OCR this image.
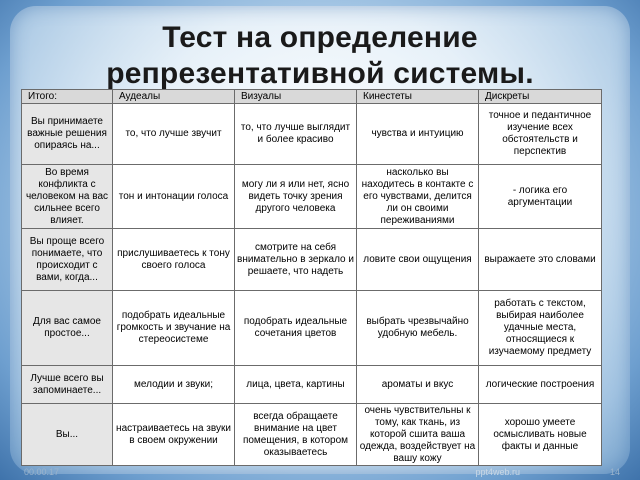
Тест на определение
репрезентативной системы.
Итого:	Аудеалы	Визуалы	Кинестеты	Дискреты
Вы принимаете важные решения опираясь на...	то, что лучше звучит	то, что лучше выглядит и более красиво	чувства и интуицию	точное и педантичное изучение всех обстоятельств и перспектив
Во время конфликта с человеком на вас сильнее всего влияет.	тон и интонации голоса	могу ли я или нет, ясно видеть точку зрения другого человека	насколько вы находитесь в контакте с его чувствами, делится ли он своими переживаниями	- логика его аргументации
Вы проще всего понимаете, что происходит с вами, когда...	прислушиваетесь к тону своего голоса	смотрите на себя внимательно в зеркало и решаете, что надеть	ловите свои ощущения	выражаете это словами
Для вас самое простое...	подобрать идеальные громкость и звучание на стереосистеме	подобрать идеальные сочетания цветов	выбрать чрезвычайно удобную мебель.	работать с текстом, выбирая наиболее удачные места, относящиеся к изучаемому предмету
Лучше всего вы запоминаете...	мелодии и звуки;	лица, цвета, картины	ароматы и вкус	логические построения
Вы...	настраиваетесь на звуки в своем окружении	всегда обращаете внимание на цвет помещения, в котором оказываетесь	очень чувствительны к тому, как ткань, из которой сшита ваша одежда, воздействует на вашу кожу	хорошо умеете осмысливать новые факты и данные
00.00.17	ppt4web.ru	14
